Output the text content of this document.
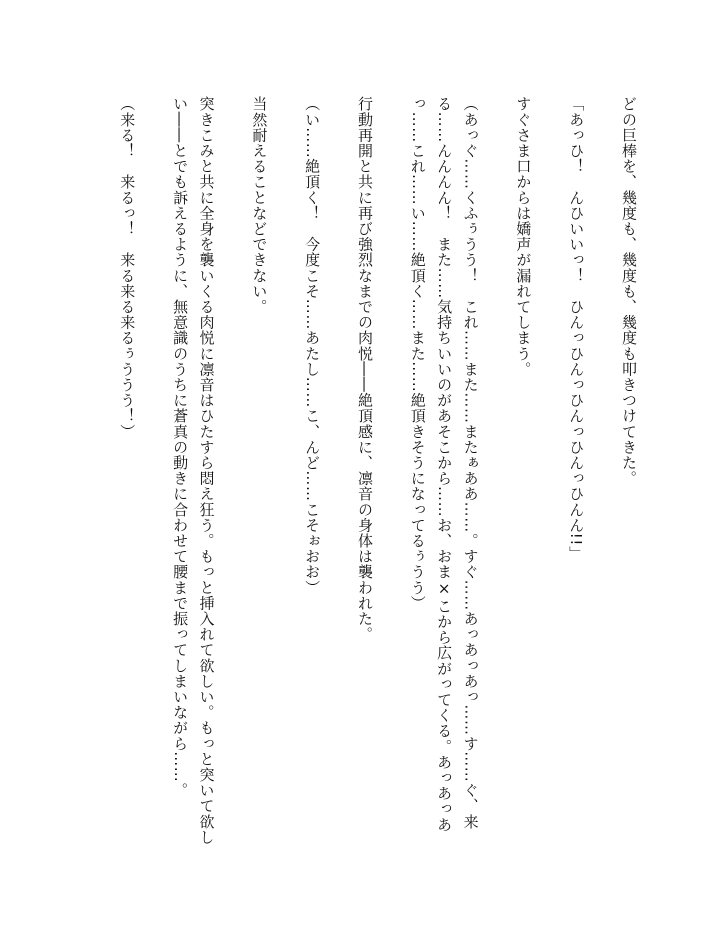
どの巨棒を、幾度も、幾度も、幾度も叩きつけてきた。

「あっひ！　んひいいっ！　ひんっひんっひんっひんっひんん!!」

すぐさま口からは嬌声が漏れてしまう。

（あっぐ……くふぅうう！　これ……また……またぁああ……。すぐ……あっあっあっ……す……ぐ、来る……んんんん！　また……気持ちいいのがあそこから……お、おま×こから広がってくる。あっあっあっ……これ……い……絶頂く……また……絶頂きそうになってるぅうう）

行動再開と共に再び強烈なまでの肉悦――絶頂感に、凛音の身体は襲われた。

（い……絶頂く！　今度こそ……あたし……こ、んど……こそぉおお）

当然耐えることなどできない。

突きこみと共に全身を襲いくる肉悦に凛音はひたすら悶え狂う。もっと挿入れて欲しい。もっと突いて欲しい――とでも訴えるように、無意識のうちに蒼真の動きに合わせて腰まで振ってしまいながら……。

（来る！　来るっ！　来る来る来るぅううう！）
